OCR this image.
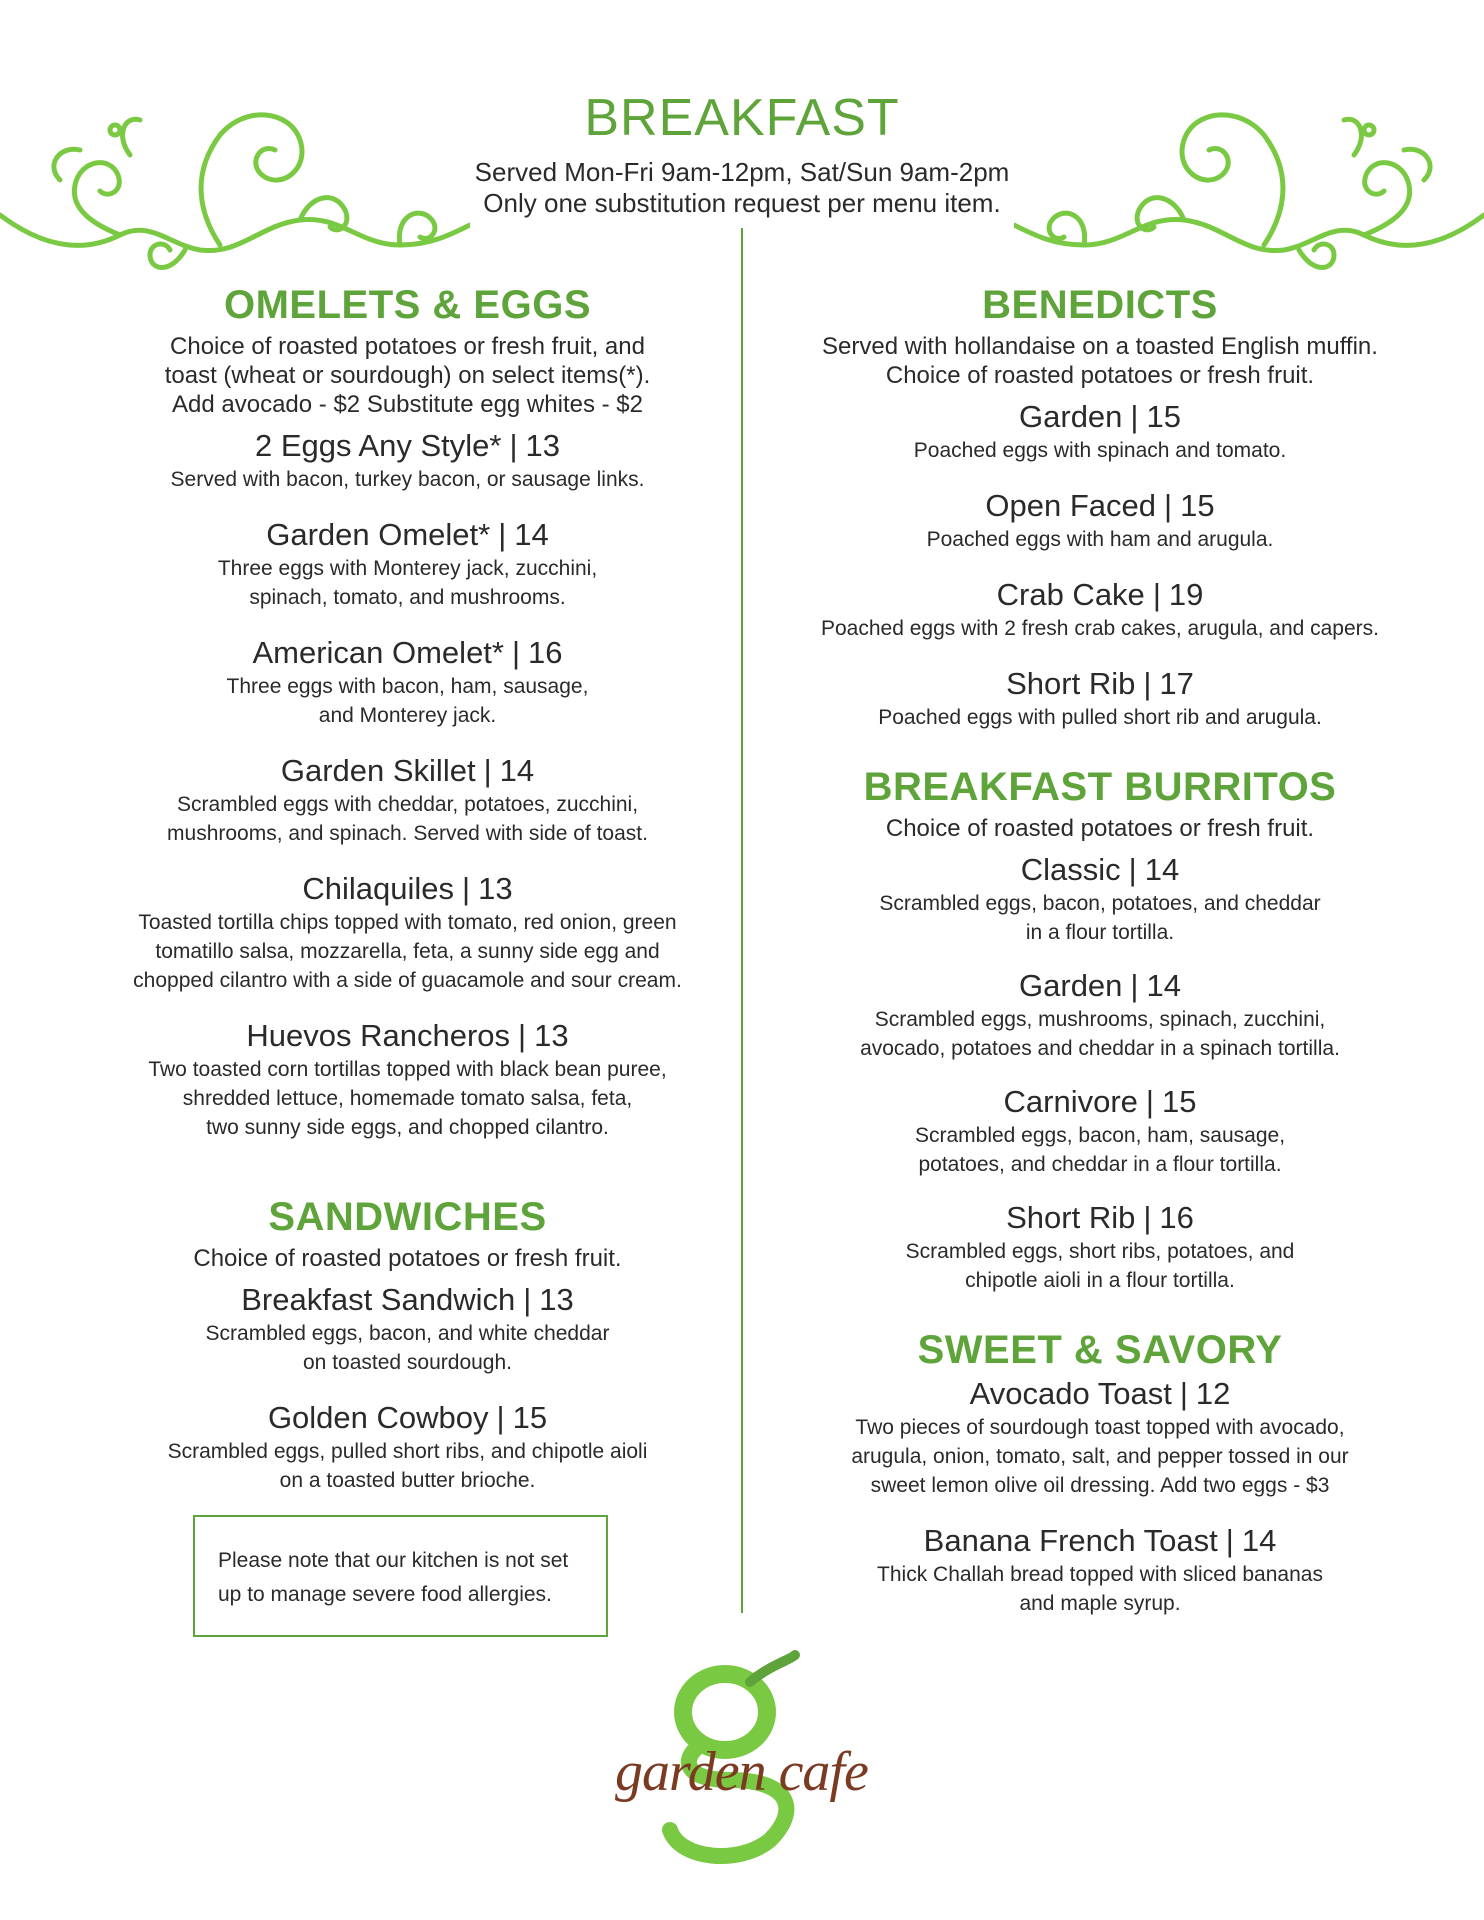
BREAKFAST
Served Mon-Fri 9am-12pm, Sat/Sun 9am-2pm
Only one substitution request per menu item.
OMELETS & EGGS
Choice of roasted potatoes or fresh fruit, and
toast (wheat or sourdough) on select items(*).
Add avocado - $2 Substitute egg whites - $2
2 Eggs Any Style* | 13
Served with bacon, turkey bacon, or sausage links.
Garden Omelet* | 14
Three eggs with Monterey jack, zucchini,
spinach, tomato, and mushrooms.
American Omelet* | 16
Three eggs with bacon, ham, sausage,
and Monterey jack.
Garden Skillet | 14
Scrambled eggs with cheddar, potatoes, zucchini,
mushrooms, and spinach. Served with side of toast.
Chilaquiles | 13
Toasted tortilla chips topped with tomato, red onion, green
tomatillo salsa, mozzarella, feta, a sunny side egg and
chopped cilantro with a side of guacamole and sour cream.
Huevos Rancheros | 13
Two toasted corn tortillas topped with black bean puree,
shredded lettuce, homemade tomato salsa, feta,
two sunny side eggs, and chopped cilantro.
SANDWICHES
Choice of roasted potatoes or fresh fruit.
Breakfast Sandwich | 13
Scrambled eggs, bacon, and white cheddar
on toasted sourdough.
Golden Cowboy | 15
Scrambled eggs, pulled short ribs, and chipotle aioli
on a toasted butter brioche.
Please note that our kitchen is not set
up to manage severe food allergies.
BENEDICTS
Served with hollandaise on a toasted English muffin.
Choice of roasted potatoes or fresh fruit.
Garden | 15
Poached eggs with spinach and tomato.
Open Faced | 15
Poached eggs with ham and arugula.
Crab Cake | 19
Poached eggs with 2 fresh crab cakes, arugula, and capers.
Short Rib | 17
Poached eggs with pulled short rib and arugula.
BREAKFAST BURRITOS
Choice of roasted potatoes or fresh fruit.
Classic | 14
Scrambled eggs, bacon, potatoes, and cheddar
in a flour tortilla.
Garden | 14
Scrambled eggs, mushrooms, spinach, zucchini,
avocado, potatoes and cheddar in a spinach tortilla.
Carnivore | 15
Scrambled eggs, bacon, ham, sausage,
potatoes, and cheddar in a flour tortilla.
Short Rib | 16
Scrambled eggs, short ribs, potatoes, and
chipotle aioli in a flour tortilla.
SWEET & SAVORY
Avocado Toast | 12
Two pieces of sourdough toast topped with avocado,
arugula, onion, tomato, salt, and pepper tossed in our
sweet lemon olive oil dressing. Add two eggs - $3
Banana French Toast | 14
Thick Challah bread topped with sliced bananas
and maple syrup.
garden cafe
